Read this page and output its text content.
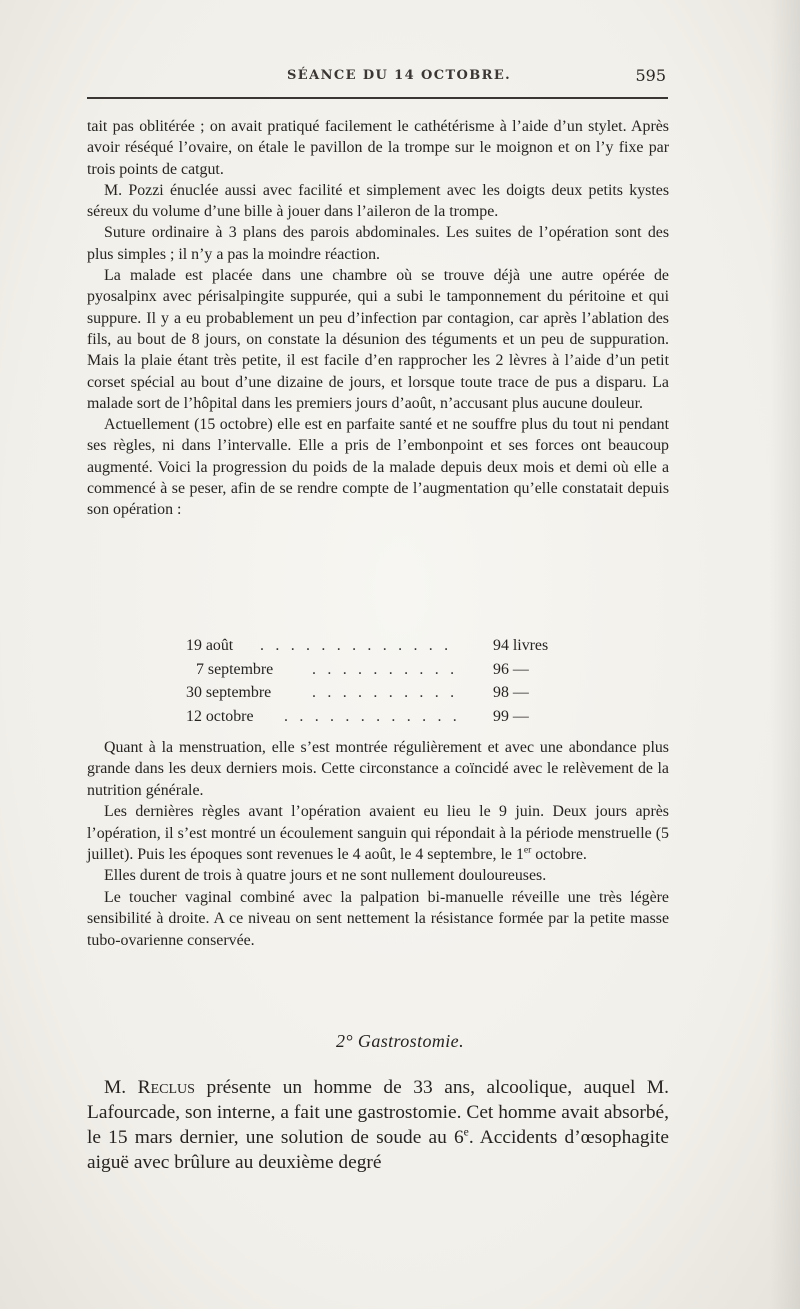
SÉANCE DU 14 OCTOBRE.	595

tait pas oblitérée ; on avait pratiqué facilement le cathétérisme à l’aide d’un stylet. Après avoir réséqué l’ovaire, on étale le pavillon de la trompe sur le moignon et on l’y fixe par trois points de catgut.

M. Pozzi énuclée aussi avec facilité et simplement avec les doigts deux petits kystes séreux du volume d’une bille à jouer dans l’aileron de la trompe.

Suture ordinaire à 3 plans des parois abdominales. Les suites de l’opération sont des plus simples ; il n’y a pas la moindre réaction.

La malade est placée dans une chambre où se trouve déjà une autre opérée de pyosalpinx avec périsalpingite suppurée, qui a subi le tamponnement du péritoine et qui suppure. Il y a eu probablement un peu d’infection par contagion, car après l’ablation des fils, au bout de 8 jours, on constate la désunion des téguments et un peu de suppuration. Mais la plaie étant très petite, il est facile d’en rapprocher les 2 lèvres à l’aide d’un petit corset spécial au bout d’une dizaine de jours, et lorsque toute trace de pus a disparu. La malade sort de l’hôpital dans les premiers jours d’août, n’accusant plus aucune douleur.

Actuellement (15 octobre) elle est en parfaite santé et ne souffre plus du tout ni pendant ses règles, ni dans l’intervalle. Elle a pris de l’embonpoint et ses forces ont beaucoup augmenté. Voici la progression du poids de la malade depuis deux mois et demi où elle a commencé à se peser, afin de se rendre compte de l’augmentation qu’elle constatait depuis son opération :

19 août	. . . . . . . . . . . . .	94 livres
7 septembre	. . . . . . . . . .	96 —
30 septembre	. . . . . . . . . .	98 —
12 octobre	. . . . . . . . . . . .	99 —

Quant à la menstruation, elle s’est montrée régulièrement et avec une abondance plus grande dans les deux derniers mois. Cette circonstance a coïncidé avec le relèvement de la nutrition générale.

Les dernières règles avant l’opération avaient eu lieu le 9 juin. Deux jours après l’opération, il s’est montré un écoulement sanguin qui répondait à la période menstruelle (5 juillet). Puis les époques sont revenues le 4 août, le 4 septembre, le 1er octobre.

Elles durent de trois à quatre jours et ne sont nullement douloureuses.

Le toucher vaginal combiné avec la palpation bi-manuelle réveille une très légère sensibilité à droite. A ce niveau on sent nettement la résistance formée par la petite masse tubo-ovarienne conservée.

2° Gastrostomie.

M. Reclus présente un homme de 33 ans, alcoolique, auquel M. Lafourcade, son interne, a fait une gastrostomie. Cet homme avait absorbé, le 15 mars dernier, une solution de soude au 6e. Accidents d’œsophagite aiguë avec brûlure au deuxième degré
